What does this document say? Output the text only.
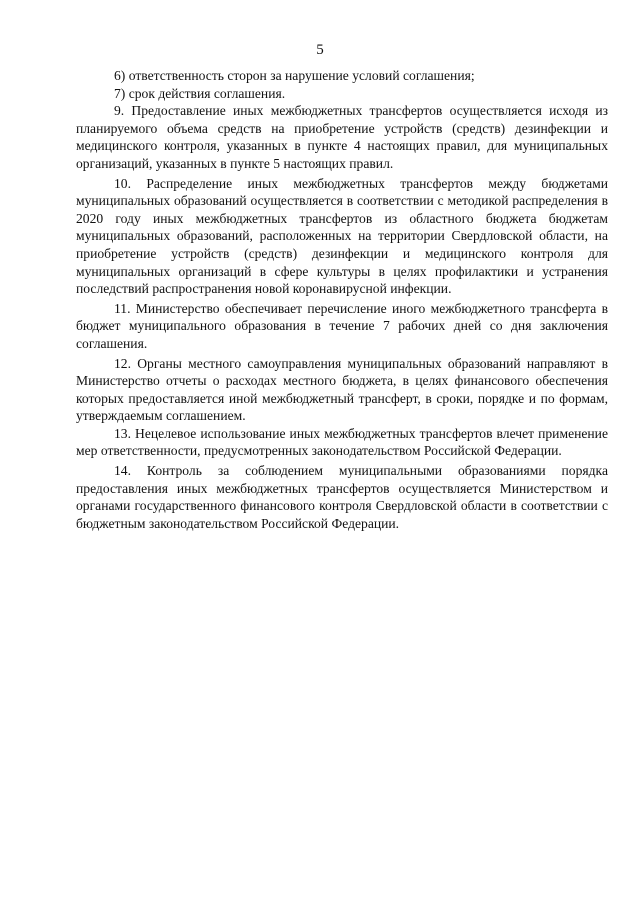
5

6) ответственность сторон за нарушение условий соглашения;

7) срок действия соглашения.

9. Предоставление иных межбюджетных трансфертов осуществляется исходя из планируемого объема средств на приобретение устройств (средств) дезинфекции и медицинского контроля, указанных в пункте 4 настоящих правил, для муниципальных организаций, указанных в пункте 5 настоящих правил.

10. Распределение иных межбюджетных трансфертов между бюджетами муниципальных образований осуществляется в соответствии с методикой распределения в 2020 году иных межбюджетных трансфертов из областного бюджета бюджетам муниципальных образований, расположенных на территории Свердловской области, на приобретение устройств (средств) дезинфекции и медицинского контроля для муниципальных организаций в сфере культуры в целях профилактики и устранения последствий распространения новой коронавирусной инфекции.

11. Министерство обеспечивает перечисление иного межбюджетного трансферта в бюджет муниципального образования в течение 7 рабочих дней со дня заключения соглашения.

12. Органы местного самоуправления муниципальных образований направляют в Министерство отчеты о расходах местного бюджета, в целях финансового обеспечения которых предоставляется иной межбюджетный трансферт, в сроки, порядке и по формам, утверждаемым соглашением.

13. Нецелевое использование иных межбюджетных трансфертов влечет применение мер ответственности, предусмотренных законодательством Российской Федерации.

14. Контроль за соблюдением муниципальными образованиями порядка предоставления иных межбюджетных трансфертов осуществляется Министерством и органами государственного финансового контроля Свердловской области в соответствии с бюджетным законодательством Российской Федерации.
